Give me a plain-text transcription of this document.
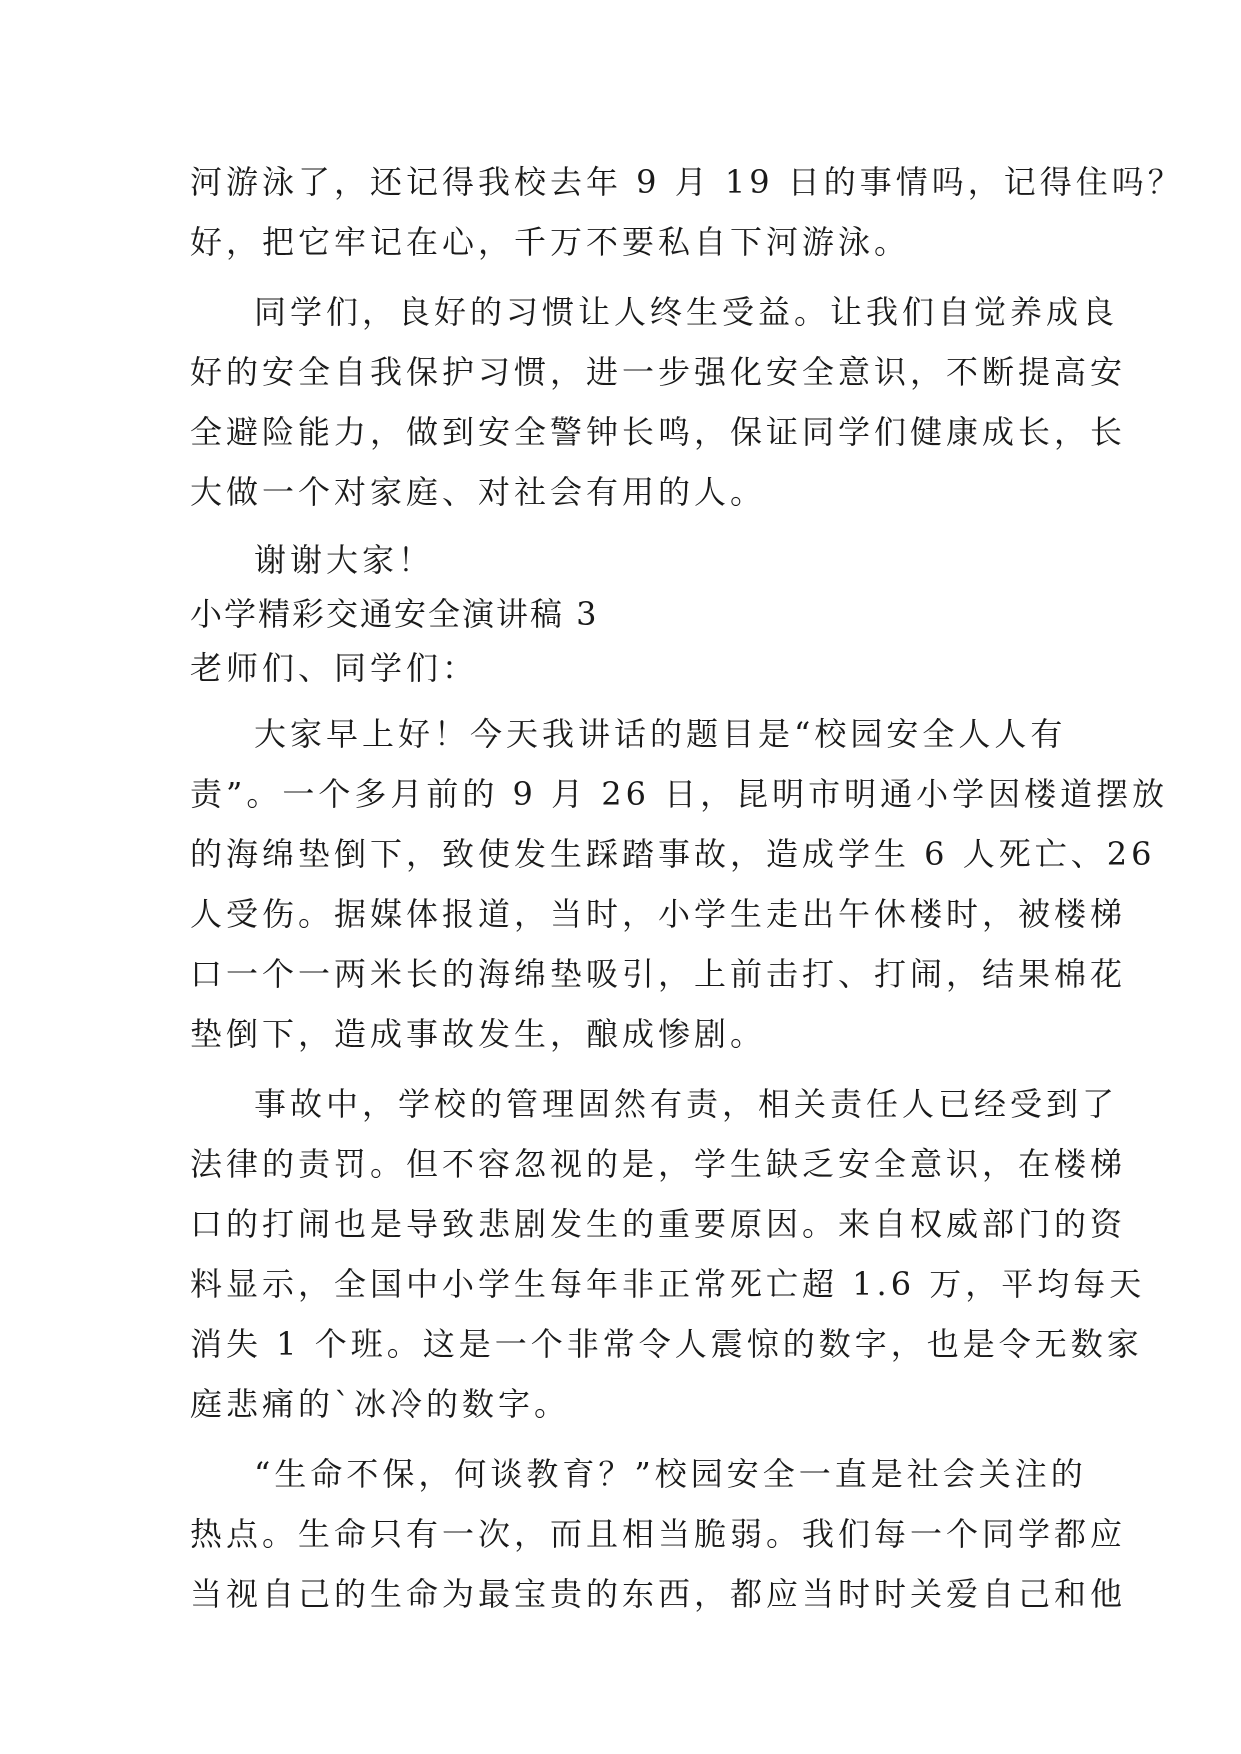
河游泳了，还记得我校去年 9 月 19 日的事情吗，记得住吗？
好，把它牢记在心，千万不要私自下河游泳。
同学们，良好的习惯让人终生受益。让我们自觉养成良
好的安全自我保护习惯，进一步强化安全意识，不断提高安
全避险能力，做到安全警钟长鸣，保证同学们健康成长，长
大做一个对家庭、对社会有用的人。
谢谢大家！
小学精彩交通安全演讲稿 3
老师们、同学们：
大家早上好！今天我讲话的题目是“校园安全人人有
责”。一个多月前的 9 月 26 日，昆明市明通小学因楼道摆放
的海绵垫倒下，致使发生踩踏事故，造成学生 6 人死亡、26
人受伤。据媒体报道，当时，小学生走出午休楼时，被楼梯
口一个一两米长的海绵垫吸引，上前击打、打闹，结果棉花
垫倒下，造成事故发生，酿成惨剧。
事故中，学校的管理固然有责，相关责任人已经受到了
法律的责罚。但不容忽视的是，学生缺乏安全意识，在楼梯
口的打闹也是导致悲剧发生的重要原因。来自权威部门的资
料显示，全国中小学生每年非正常死亡超 1.6 万，平均每天
消失 1 个班。这是一个非常令人震惊的数字，也是令无数家
庭悲痛的`冰冷的数字。
“生命不保，何谈教育？”校园安全一直是社会关注的
热点。生命只有一次，而且相当脆弱。我们每一个同学都应
当视自己的生命为最宝贵的东西，都应当时时关爱自己和他
